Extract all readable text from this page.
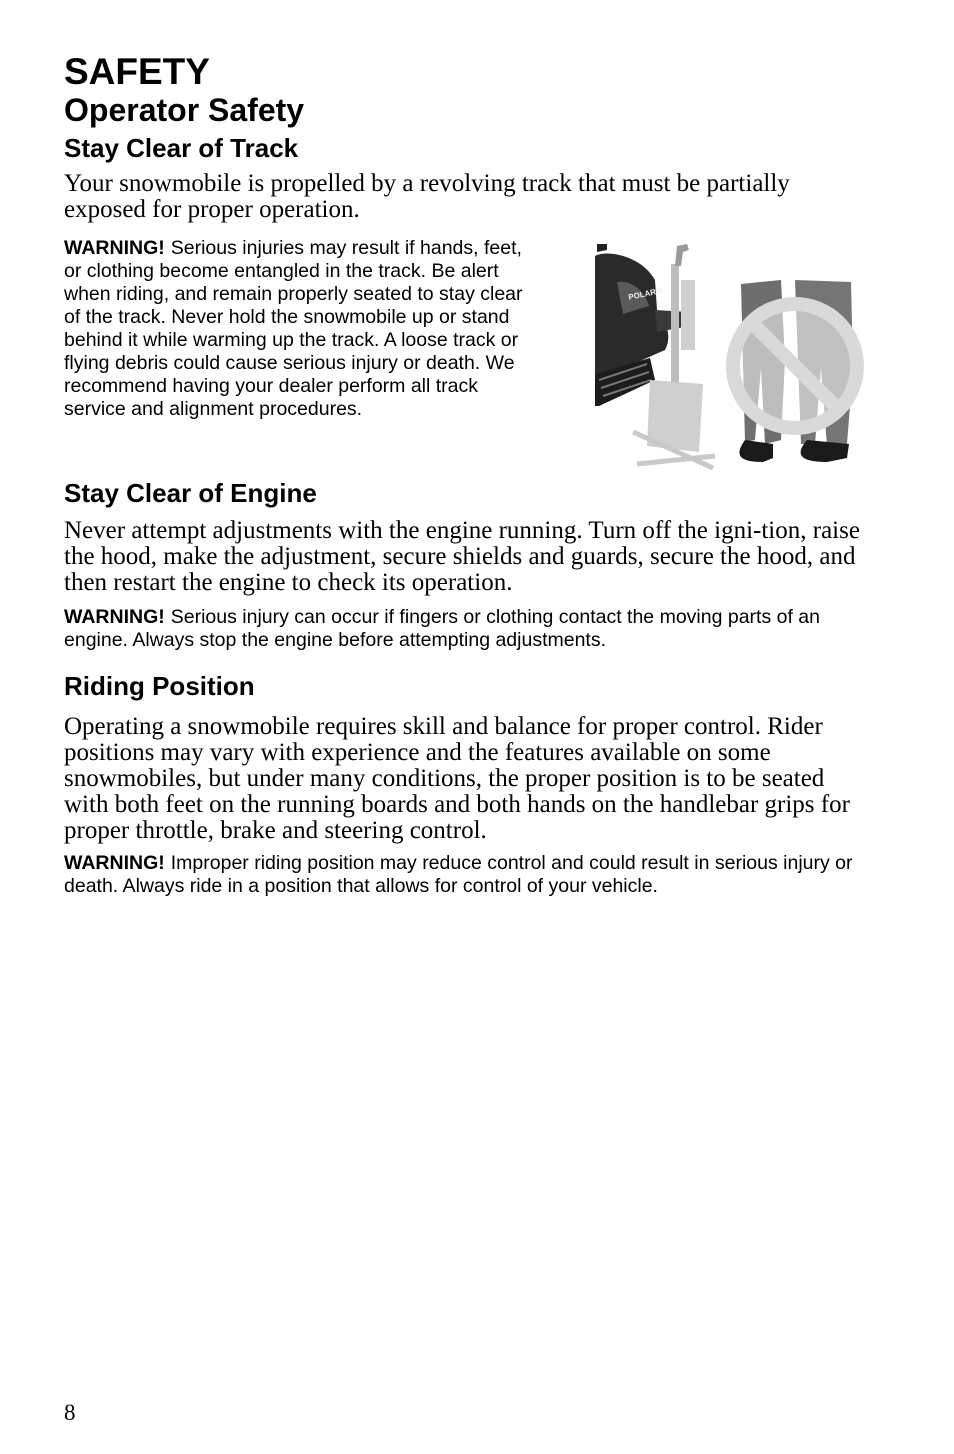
SAFETY
Operator Safety
Stay Clear of Track

Your snowmobile is propelled by a revolving track that must be partially exposed for proper operation.

WARNING! Serious injuries may result if hands, feet, or clothing become entangled in the track. Be alert when riding, and remain properly seated to stay clear of the track. Never hold the snowmobile up or stand behind it while warming up the track. A loose track or flying debris could cause serious injury or death. We recommend having your dealer perform all track service and alignment procedures.

POLARIS
Stay Clear of Engine

Never attempt adjustments with the engine running. Turn off the igni-tion, raise the hood, make the adjustment, secure shields and guards, secure the hood, and then restart the engine to check its operation.

WARNING! Serious injury can occur if fingers or clothing contact the moving parts of an engine. Always stop the engine before attempting adjustments.

Riding Position

Operating a snowmobile requires skill and balance for proper control. Rider positions may vary with experience and the features available on some snowmobiles, but under many conditions, the proper position is to be seated with both feet on the running boards and both hands on the handlebar grips for proper throttle, brake and steering control.

WARNING! Improper riding position may reduce control and could result in serious injury or death. Always ride in a position that allows for control of your vehicle.

8
